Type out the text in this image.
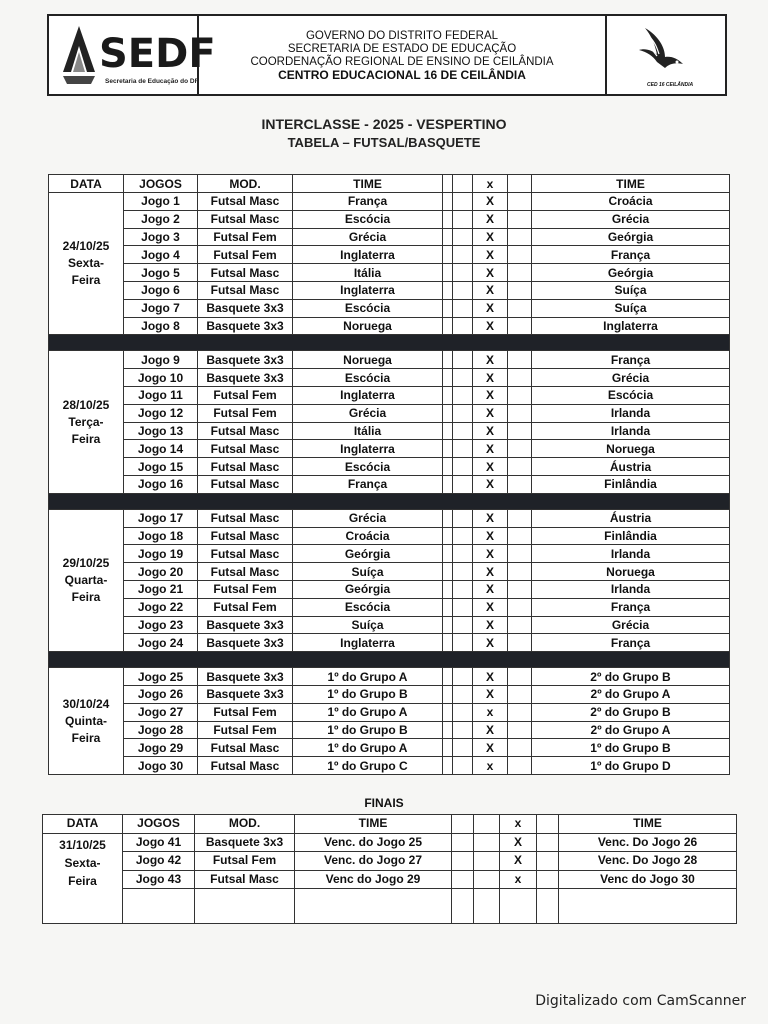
SEDF
Secretaria de Educação do DF
GOVERNO DO DISTRITO FEDERAL
SECRETARIA DE ESTADO DE EDUCAÇÃO
COORDENAÇÃO REGIONAL DE ENSINO DE CEILÂNDIA
CENTRO EDUCACIONAL 16 DE CEILÂNDIA
CED 16 CEILÂNDIA
INTERCLASSE - 2025 - VESPERTINO
TABELA – FUTSAL/BASQUETE
DATA	JOGOS	MOD.	TIME			x		TIME

24/10/25
Sexta-
Feira	Jogo 1	Futsal Masc	França			X		Croácia
	Jogo 2	Futsal Masc	Escócia			X		Grécia
	Jogo 3	Futsal Fem	Grécia			X		Geórgia
	Jogo 4	Futsal Fem	Inglaterra			X		França
	Jogo 5	Futsal Masc	Itália			X		Geórgia
	Jogo 6	Futsal Masc	Inglaterra			X		Suíça
	Jogo 7	Basquete 3x3	Escócia			X		Suíça
	Jogo 8	Basquete 3x3	Noruega			X		Inglaterra

28/10/25
Terça-
Feira	Jogo 9	Basquete 3x3	Noruega			X		França
	Jogo 10	Basquete 3x3	Escócia			X		Grécia
	Jogo 11	Futsal Fem	Inglaterra			X		Escócia
	Jogo 12	Futsal Fem	Grécia			X		Irlanda
	Jogo 13	Futsal Masc	Itália			X		Irlanda
	Jogo 14	Futsal Masc	Inglaterra			X		Noruega
	Jogo 15	Futsal Masc	Escócia			X		Áustria
	Jogo 16	Futsal Masc	França			X		Finlândia

29/10/25
Quarta-
Feira	Jogo 17	Futsal Masc	Grécia			X		Áustria
	Jogo 18	Futsal Masc	Croácia			X		Finlândia
	Jogo 19	Futsal Masc	Geórgia			X		Irlanda
	Jogo 20	Futsal Masc	Suíça			X		Noruega
	Jogo 21	Futsal Fem	Geórgia			X		Irlanda
	Jogo 22	Futsal Fem	Escócia			X		França
	Jogo 23	Basquete 3x3	Suíça			X		Grécia
	Jogo 24	Basquete 3x3	Inglaterra			X		França

30/10/24
Quinta-
Feira	Jogo 25	Basquete 3x3	1º do Grupo A			X		2º do Grupo B
	Jogo 26	Basquete 3x3	1º do Grupo B			X		2º do Grupo A
	Jogo 27	Futsal Fem	1º do Grupo A			x		2º do Grupo B
	Jogo 28	Futsal Fem	1º do Grupo B			X		2º do Grupo A
	Jogo 29	Futsal Masc	1º do Grupo A			X		1º do Grupo B
	Jogo 30	Futsal Masc	1º do Grupo C			x		1º do Grupo D
FINAIS
DATA	JOGOS	MOD.	TIME			x		TIME

31/10/25
Sexta-
Feira	Jogo 41	Basquete 3x3	Venc. do Jogo 25			X		Venc. Do Jogo 26
	Jogo 42	Futsal Fem	Venc. do Jogo 27			X		Venc. Do Jogo 28
	Jogo 43	Futsal Masc	Venc do Jogo 29			x		Venc do Jogo 30

Digitalizado com CamScanner
